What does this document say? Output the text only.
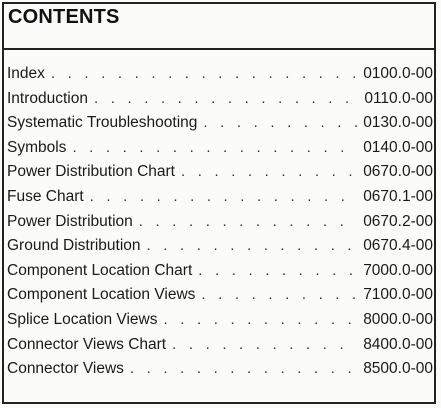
CONTENTS
Index . . .	0100.0-00
Introduction . . .	0110.0-00
Systematic Troubleshooting . . .	0130.0-00
Symbols . . .	0140.0-00
Power Distribution Chart . . .	0670.0-00
Fuse Chart . . .	0670.1-00
Power Distribution . . .	0670.2-00
Ground Distribution . . .	0670.4-00
Component Location Chart . . .	7000.0-00
Component Location Views . . .	7100.0-00
Splice Location Views . . .	8000.0-00
Connector Views Chart . . .	8400.0-00
Connector Views . . .	8500.0-00
